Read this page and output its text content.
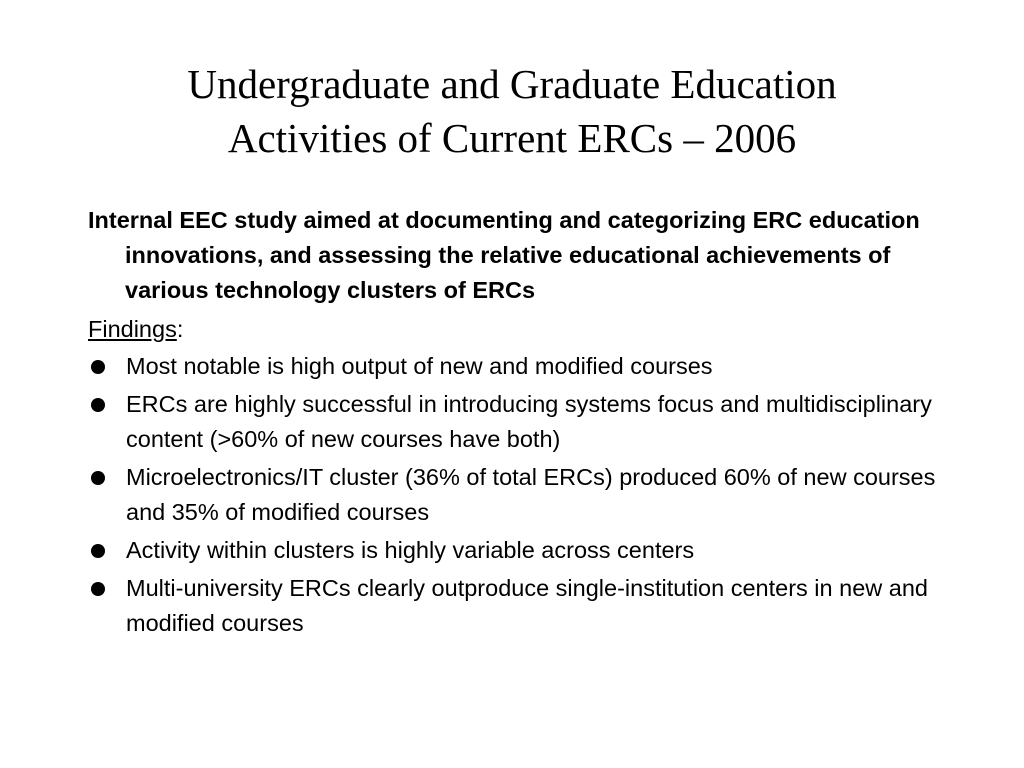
Undergraduate and Graduate Education
Activities of Current ERCs – 2006

Internal EEC study aimed at documenting and categorizing ERC education innovations, and assessing the relative educational achievements of various technology clusters of ERCs

Findings:

Most notable is high output of new and modified courses
ERCs are highly successful in introducing systems focus and multidisciplinary content (>60% of new courses have both)
Microelectronics/IT cluster (36% of total ERCs) produced 60% of new courses and 35% of modified courses
Activity within clusters is highly variable across centers
Multi-university ERCs clearly outproduce single-institution centers in new and modified courses
